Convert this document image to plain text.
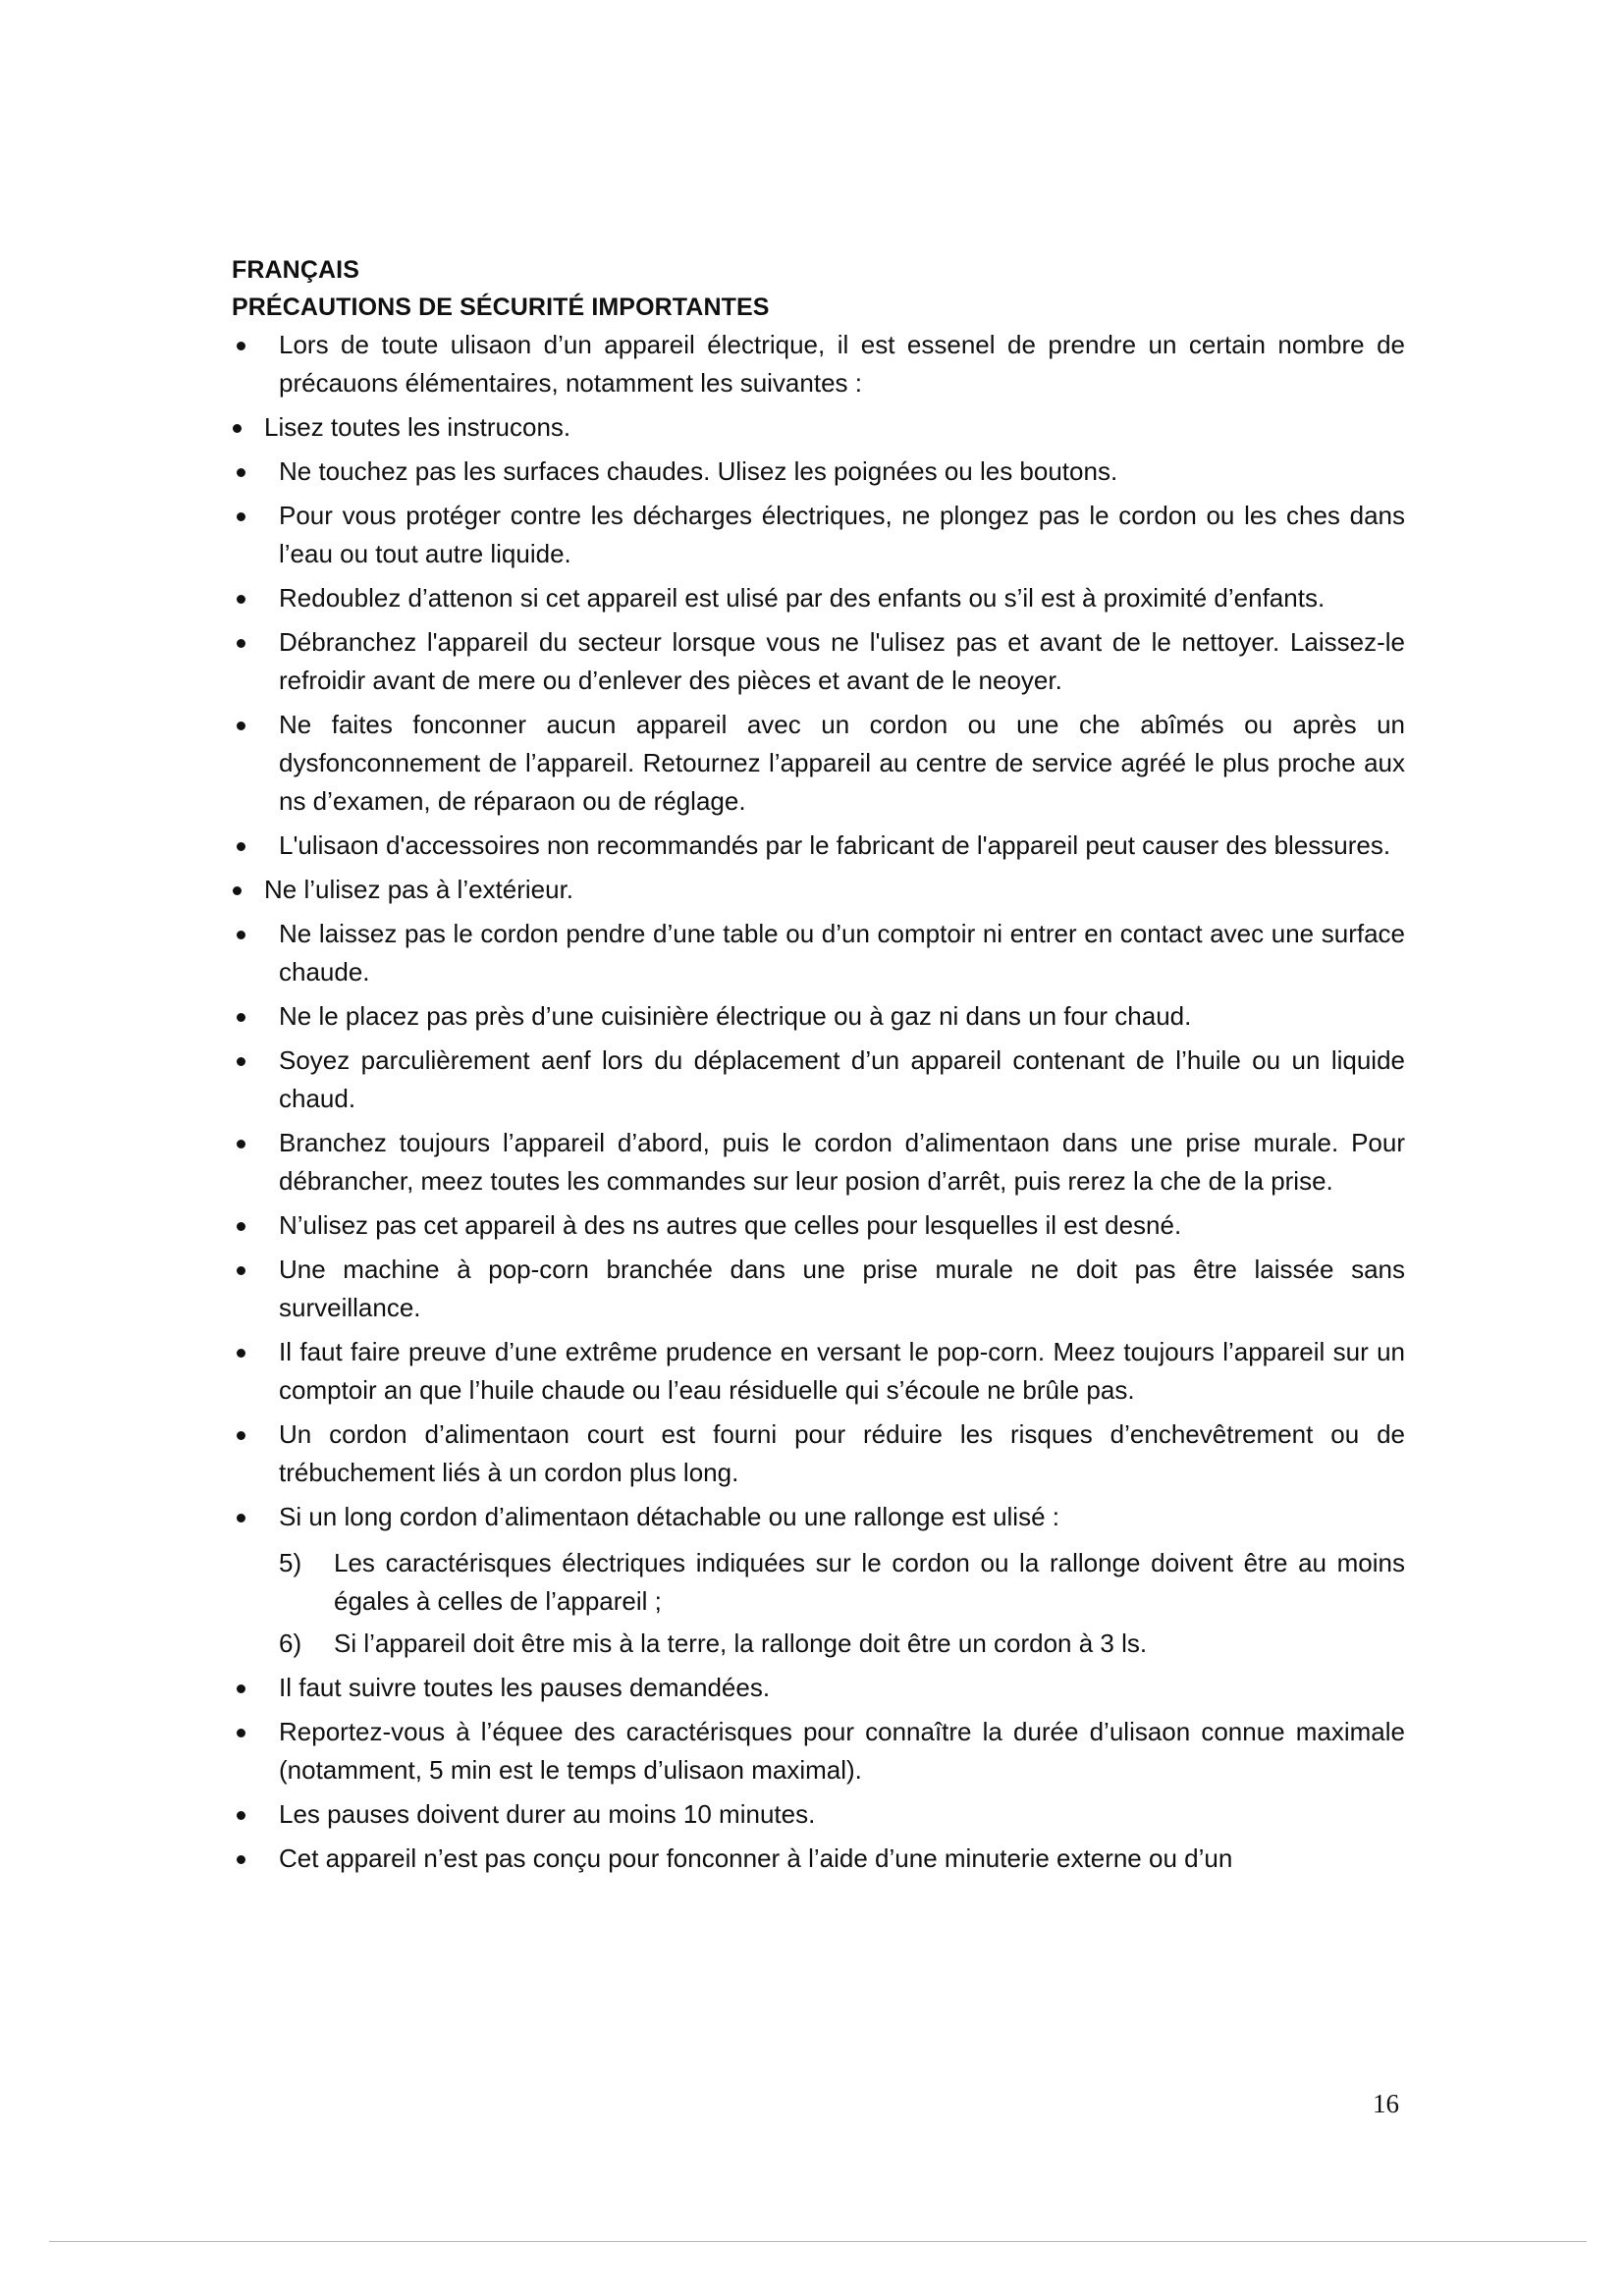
FRANÇAIS

PRÉCAUTIONS DE SÉCURITÉ IMPORTANTES

Lors de toute ulisaon d’un appareil électrique, il est essenel de prendre un certain nombre de précauons élémentaires, notamment les suivantes :
Lisez toutes les instrucons.
Ne touchez pas les surfaces chaudes. Ulisez les poignées ou les boutons.
Pour vous protéger contre les décharges électriques, ne plongez pas le cordon ou les ches dans l’eau ou tout autre liquide.
Redoublez d’attenon si cet appareil est ulisé par des enfants ou s’il est à proximité d’enfants.
Débranchez l'appareil du secteur lorsque vous ne l'ulisez pas et avant de le nettoyer. Laissez-le refroidir avant de mere ou d’enlever des pièces et avant de le neoyer.
Ne faites fonconner aucun appareil avec un cordon ou une che abîmés ou après un dysfonconnement de l’appareil. Retournez l’appareil au centre de service agréé le plus proche aux ns d’examen, de réparaon ou de réglage.
L'ulisaon d'accessoires non recommandés par le fabricant de l'appareil peut causer des blessures.
Ne l’ulisez pas à l’extérieur.
Ne laissez pas le cordon pendre d’une table ou d’un comptoir ni entrer en contact avec une surface chaude.
Ne le placez pas près d’une cuisinière électrique ou à gaz ni dans un four chaud.
Soyez parculièrement aenf lors du déplacement d’un appareil contenant de l’huile ou un liquide chaud.
Branchez toujours l’appareil d’abord, puis le cordon d’alimentaon dans une prise murale. Pour débrancher, meez toutes les commandes sur leur posion d’arrêt, puis rerez la che de la prise.
N’ulisez pas cet appareil à des ns autres que celles pour lesquelles il est desné.
Une machine à pop-corn branchée dans une prise murale ne doit pas être laissée sans surveillance.
Il faut faire preuve d’une extrême prudence en versant le pop-corn. Meez toujours l’appareil sur un comptoir an que l’huile chaude ou l’eau résiduelle qui s’écoule ne brûle pas.
Un cordon d’alimentaon court est fourni pour réduire les risques d’enchevêtrement ou de trébuchement liés à un cordon plus long.
Si un long cordon d’alimentaon détachable ou une rallonge est ulisé :
5) Les caractérisques électriques indiquées sur le cordon ou la rallonge doivent être au moins égales à celles de l’appareil ;
6) Si l’appareil doit être mis à la terre, la rallonge doit être un cordon à 3 ls.
Il faut suivre toutes les pauses demandées.
Reportez-vous à l’équee des caractérisques pour connaître la durée d’ulisaon connue maximale (notamment, 5 min est le temps d’ulisaon maximal).
Les pauses doivent durer au moins 10 minutes.
Cet appareil n’est pas conçu pour fonconner à l’aide d’une minuterie externe ou d’un
16
